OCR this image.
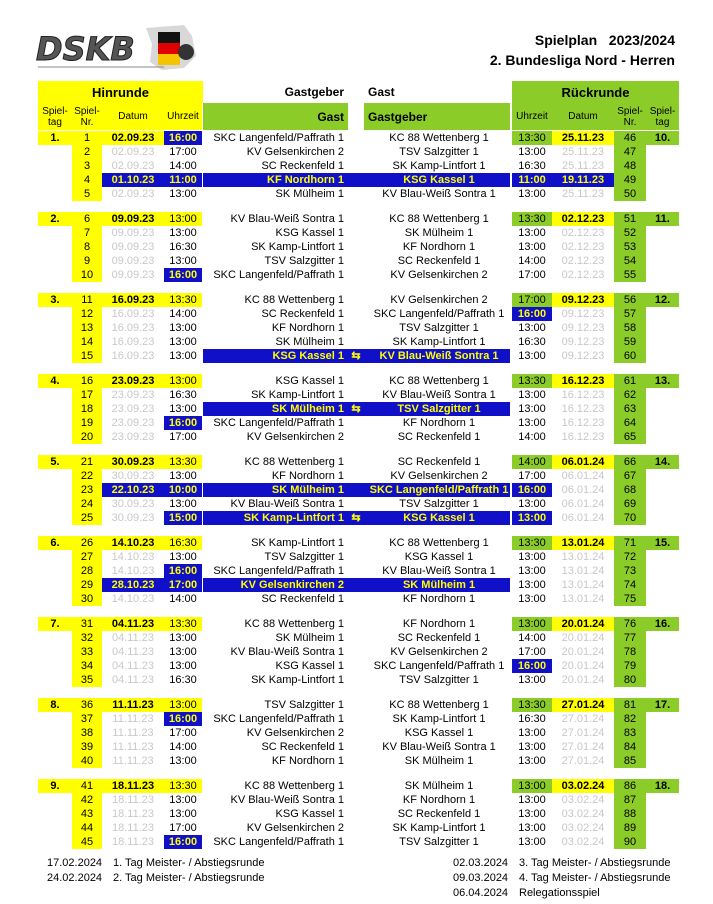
DSKB	Spielplan   2023/2024
2. Bundesliga Nord - Herren
Hinrunde	Gastgeber	Gast	Rückrunde
Spiel-
tag
Spiel-
Nr.	Datum	Uhrzeit	Gast	Gastgeber	Uhrzeit	Datum	Spiel-
Nr.
Spiel-
tag
1.	1	02.09.23	16:00	SKC Langenfeld/Paffrath 1	KC 88 Wettenberg 1	13:30	25.11.23	46	10.
2	02.09.23	17:00	KV Gelsenkirchen 2	TSV Salzgitter 1	13:00	25.11.23	47
3	02.09.23	14:00	SC Reckenfeld 1	SK Kamp-Lintfort 1	16:30	25.11.23	48
4	01.10.23	11:00	KF Nordhorn 1	KSG Kassel 1	11:00	19.11.23	49
5	02.09.23	13:00	SK Mülheim 1	KV Blau-Weiß Sontra 1	13:00	25.11.23	50
2.	6	09.09.23	13:00	KV Blau-Weiß Sontra 1	KC 88 Wettenberg 1	13:30	02.12.23	51	11.
7	09.09.23	13:00	KSG Kassel 1	SK Mülheim 1	13:00	02.12.23	52
8	09.09.23	16:30	SK Kamp-Lintfort 1	KF Nordhorn 1	13:00	02.12.23	53
9	09.09.23	13:00	TSV Salzgitter 1	SC Reckenfeld 1	14:00	02.12.23	54
10	09.09.23	16:00	SKC Langenfeld/Paffrath 1	KV Gelsenkirchen 2	17:00	02.12.23	55
3.	11	16.09.23	13:30	KC 88 Wettenberg 1	KV Gelsenkirchen 2	17:00	09.12.23	56	12.
12	16.09.23	14:00	SC Reckenfeld 1	SKC Langenfeld/Paffrath 1	16:00	09.12.23	57
13	16.09.23	13:00	KF Nordhorn 1	TSV Salzgitter 1	13:00	09.12.23	58
14	16.09.23	13:00	SK Mülheim 1	SK Kamp-Lintfort 1	16:30	09.12.23	59
15	16.09.23	13:00	KSG Kassel 1 ⇆	KV Blau-Weiß Sontra 1	13:00	09.12.23	60
4.	16	23.09.23	13:00	KSG Kassel 1	KC 88 Wettenberg 1	13:30	16.12.23	61	13.
17	23.09.23	16:30	SK Kamp-Lintfort 1	KV Blau-Weiß Sontra 1	13:00	16.12.23	62
18	23.09.23	13:00	SK Mülheim 1 ⇆	TSV Salzgitter 1	13:00	16.12.23	63
19	23.09.23	16:00	SKC Langenfeld/Paffrath 1	KF Nordhorn 1	13:00	16.12.23	64
20	23.09.23	17:00	KV Gelsenkirchen 2	SC Reckenfeld 1	14:00	16.12.23	65
5.	21	30.09.23	13:30	KC 88 Wettenberg 1	SC Reckenfeld 1	14:00	06.01.24	66	14.
22	30.09.23	13:00	KF Nordhorn 1	KV Gelsenkirchen 2	17:00	06.01.24	67
23	22.10.23	10:00	SK Mülheim 1	SKC Langenfeld/Paffrath 1 16:00	06.01.24	68
24	30.09.23	13:00	KV Blau-Weiß Sontra 1	TSV Salzgitter 1	13:00	06.01.24	69
25	30.09.23	15:00	SK Kamp-Lintfort 1 ⇆	KSG Kassel 1	13:00	06.01.24	70
6.	26	14.10.23	16:30	SK Kamp-Lintfort 1	KC 88 Wettenberg 1	13:30	13.01.24	71	15.
27	14.10.23	13:00	TSV Salzgitter 1	KSG Kassel 1	13:00	13.01.24	72
28	14.10.23	16:00	SKC Langenfeld/Paffrath 1	KV Blau-Weiß Sontra 1	13:00	13.01.24	73
29	28.10.23	17:00	KV Gelsenkirchen 2	SK Mülheim 1	13:00	13.01.24	74
30	14.10.23	14:00	SC Reckenfeld 1	KF Nordhorn 1	13:00	13.01.24	75
7.	31	04.11.23	13:30	KC 88 Wettenberg 1	KF Nordhorn 1	13:00	20.01.24	76	16.
32	04.11.23	13:00	SK Mülheim 1	SC Reckenfeld 1	14:00	20.01.24	77
33	04.11.23	13:00	KV Blau-Weiß Sontra 1	KV Gelsenkirchen 2	17:00	20.01.24	78
34	04.11.23	13:00	KSG Kassel 1	SKC Langenfeld/Paffrath 1	16:00	20.01.24	79
35	04.11.23	16:30	SK Kamp-Lintfort 1	TSV Salzgitter 1	13:00	20.01.24	80
8.	36	11.11.23	13:00	TSV Salzgitter 1	KC 88 Wettenberg 1	13:30	27.01.24	81	17.
37	11.11.23	16:00	SKC Langenfeld/Paffrath 1	SK Kamp-Lintfort 1	16:30	27.01.24	82
38	11.11.23	17:00	KV Gelsenkirchen 2	KSG Kassel 1	13:00	27.01.24	83
39	11.11.23	14:00	SC Reckenfeld 1	KV Blau-Weiß Sontra 1	13:00	27.01.24	84
40	11.11.23	13:00	KF Nordhorn 1	SK Mülheim 1	13:00	27.01.24	85
9.	41	18.11.23	13:30	KC 88 Wettenberg 1	SK Mülheim 1	13:00	03.02.24	86	18.
42	18.11.23	13:00	KV Blau-Weiß Sontra 1	KF Nordhorn 1	13:00	03.02.24	87
43	18.11.23	13:00	KSG Kassel 1	SC Reckenfeld 1	13:00	03.02.24	88
44	18.11.23	17:00	KV Gelsenkirchen 2	SK Kamp-Lintfort 1	13:00	03.02.24	89
45	18.11.23	16:00	SKC Langenfeld/Paffrath 1	TSV Salzgitter 1	13:00	03.02.24	90
17.02.2024 1. Tag Meister- / Abstiegsrunde
24.02.2024 2. Tag Meister- / Abstiegsrunde
02.03.2024 3. Tag Meister- / Abstiegsrunde
09.03.2024 4. Tag Meister- / Abstiegsrunde
06.04.2024 Relegationsspiel
